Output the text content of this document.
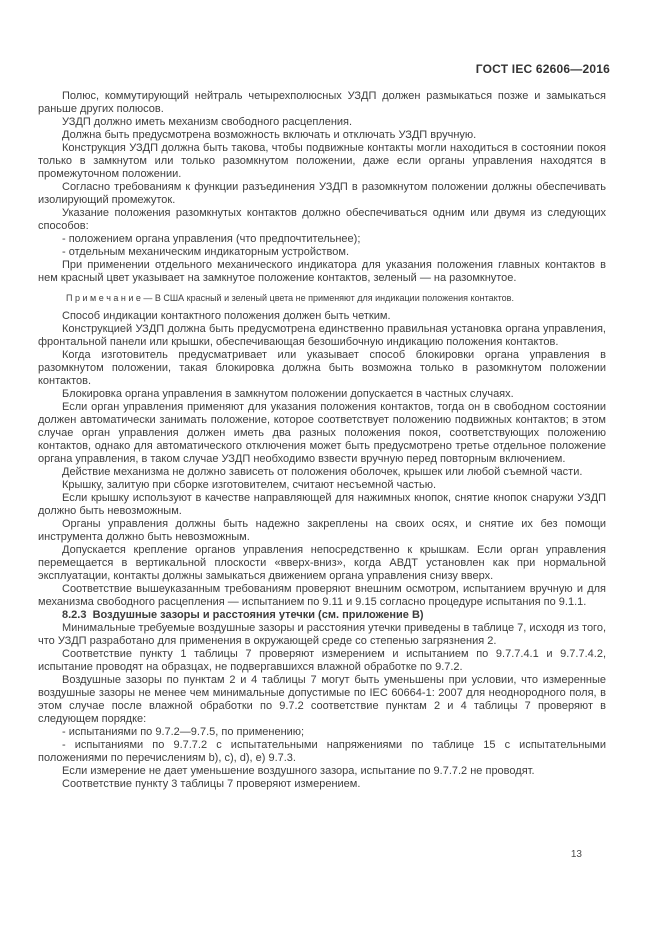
ГОСТ IEC 62606—2016

Полюс, коммутирующий нейтраль четырехполюсных УЗДП должен размыкаться позже и замыкаться раньше других полюсов.

УЗДП должно иметь механизм свободного расцепления.

Должна быть предусмотрена возможность включать и отключать УЗДП вручную.

Конструкция УЗДП должна быть такова, чтобы подвижные контакты могли находиться в состоянии покоя только в замкнутом или только разомкнутом положении, даже если органы управления находятся в промежуточном положении.

Согласно требованиям к функции разъединения УЗДП в разомкнутом положении должны обеспечивать изолирующий промежуток.

Указание положения разомкнутых контактов должно обеспечиваться одним или двумя из следующих способов:

- положением органа управления (что предпочтительнее);

- отдельным механическим индикаторным устройством.

При применении отдельного механического индикатора для указания положения главных контактов в нем красный цвет указывает на замкнутое положение контактов, зеленый — на разомкнутое.

П р и м е ч а н и е — В США красный и зеленый цвета не применяют для индикации положения контактов.

Способ индикации контактного положения должен быть четким.

Конструкцией УЗДП должна быть предусмотрена единственно правильная установка органа управления, фронтальной панели или крышки, обеспечивающая безошибочную индикацию положения контактов.

Когда изготовитель предусматривает или указывает способ блокировки органа управления в разомкнутом положении, такая блокировка должна быть возможна только в разомкнутом положении контактов.

Блокировка органа управления в замкнутом положении допускается в частных случаях.

Если орган управления применяют для указания положения контактов, тогда он в свободном состоянии должен автоматически занимать положение, которое соответствует положению подвижных контактов; в этом случае орган управления должен иметь два разных положения покоя, соответствующих положению контактов, однако для автоматического отключения может быть предусмотрено третье отдельное положение органа управления, в таком случае УЗДП необходимо взвести вручную перед повторным включением.

Действие механизма не должно зависеть от положения оболочек, крышек или любой съемной части.

Крышку, залитую при сборке изготовителем, считают несъемной частью.

Если крышку используют в качестве направляющей для нажимных кнопок, снятие кнопок снаружи УЗДП должно быть невозможным.

Органы управления должны быть надежно закреплены на своих осях, и снятие их без помощи инструмента должно быть невозможным.

Допускается крепление органов управления непосредственно к крышкам. Если орган управления перемещается в вертикальной плоскости «вверх-вниз», когда АВДТ установлен как при нормальной эксплуатации, контакты должны замыкаться движением органа управления снизу вверх.

Соответствие вышеуказанным требованиям проверяют внешним осмотром, испытанием вручную и для механизма свободного расцепления — испытанием по 9.11 и 9.15 согласно процедуре испытания по 9.1.1.

8.2.3  Воздушные зазоры и расстояния утечки (см. приложение B)

Минимальные требуемые воздушные зазоры и расстояния утечки приведены в таблице 7, исходя из того, что УЗДП разработано для применения в окружающей среде со степенью загрязнения 2.

Соответствие пункту 1 таблицы 7 проверяют измерением и испытанием по 9.7.7.4.1 и 9.7.7.4.2, испытание проводят на образцах, не подвергавшихся влажной обработке по 9.7.2.

Воздушные зазоры по пунктам 2 и 4 таблицы 7 могут быть уменьшены при условии, что измеренные воздушные зазоры не менее чем минимальные допустимые по IEC 60664-1: 2007 для неоднородного поля, в этом случае после влажной обработки по 9.7.2 соответствие пунктам 2 и 4 таблицы 7 проверяют в следующем порядке:

- испытаниями по 9.7.2—9.7.5, по применению;

- испытаниями по 9.7.7.2 с испытательными напряжениями по таблице 15 с испытательными положениями по перечислениям b), c), d), e) 9.7.3.

Если измерение не дает уменьшение воздушного зазора, испытание по 9.7.7.2 не проводят.

Соответствие пункту 3 таблицы 7 проверяют измерением.

13
